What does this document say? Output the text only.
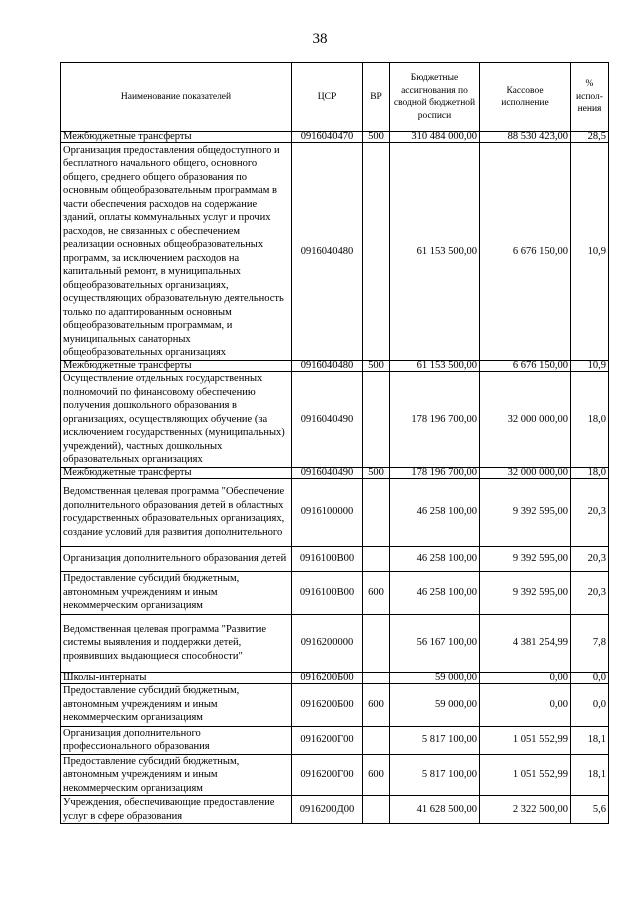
38
Наименование показателей	ЦСР	ВР	Бюджетные ассигнования по сводной бюджетной росписи	Кассовое исполнение	% испол-нения
Межбюджетные трансферты	0916040470	500	310 484 000,00	88 530 423,00	28,5
Организация предоставления общедоступного и бесплатного начального общего, основного общего, среднего общего образования по основным общеобразовательным программам в части обеспечения расходов на содержание зданий, оплаты коммунальных услуг и прочих расходов, не связанных с обеспечением реализации основных общеобразовательных программ, за исключением расходов на капитальный ремонт, в муниципальных общеобразовательных организациях, осуществляющих образовательную деятельность только по адаптированным основным общеобразовательным программам, и муниципальных санаторных общеобразовательных организациях	0916040480		61 153 500,00	6 676 150,00	10,9
Межбюджетные трансферты	0916040480	500	61 153 500,00	6 676 150,00	10,9
Осуществление отдельных государственных полномочий по финансовому обеспечению получения дошкольного образования в организациях, осуществляющих обучение (за исключением государственных (муниципальных) учреждений), частных дошкольных образовательных организациях	0916040490		178 196 700,00	32 000 000,00	18,0
Межбюджетные трансферты	0916040490	500	178 196 700,00	32 000 000,00	18,0
Ведомственная целевая программа "Обеспечение дополнительного образования детей в областных государственных образовательных организациях, создание условий для развития дополнительного	0916100000		46 258 100,00	9 392 595,00	20,3
Организация дополнительного образования детей	0916100В00		46 258 100,00	9 392 595,00	20,3
Предоставление субсидий бюджетным, автономным учреждениям и иным некоммерческим организациям	0916100В00	600	46 258 100,00	9 392 595,00	20,3
Ведомственная целевая программа "Развитие системы выявления и поддержки детей, проявивших выдающиеся способности"	0916200000		56 167 100,00	4 381 254,99	7,8
Школы-интернаты	0916200Б00		59 000,00	0,00	0,0
Предоставление субсидий бюджетным, автономным учреждениям и иным некоммерческим организациям	0916200Б00	600	59 000,00	0,00	0,0
Организация дополнительного профессионального образования	0916200Г00		5 817 100,00	1 051 552,99	18,1
Предоставление субсидий бюджетным, автономным учреждениям и иным некоммерческим организациям	0916200Г00	600	5 817 100,00	1 051 552,99	18,1
Учреждения, обеспечивающие предоставление услуг в сфере образования	0916200Д00		41 628 500,00	2 322 500,00	5,6
